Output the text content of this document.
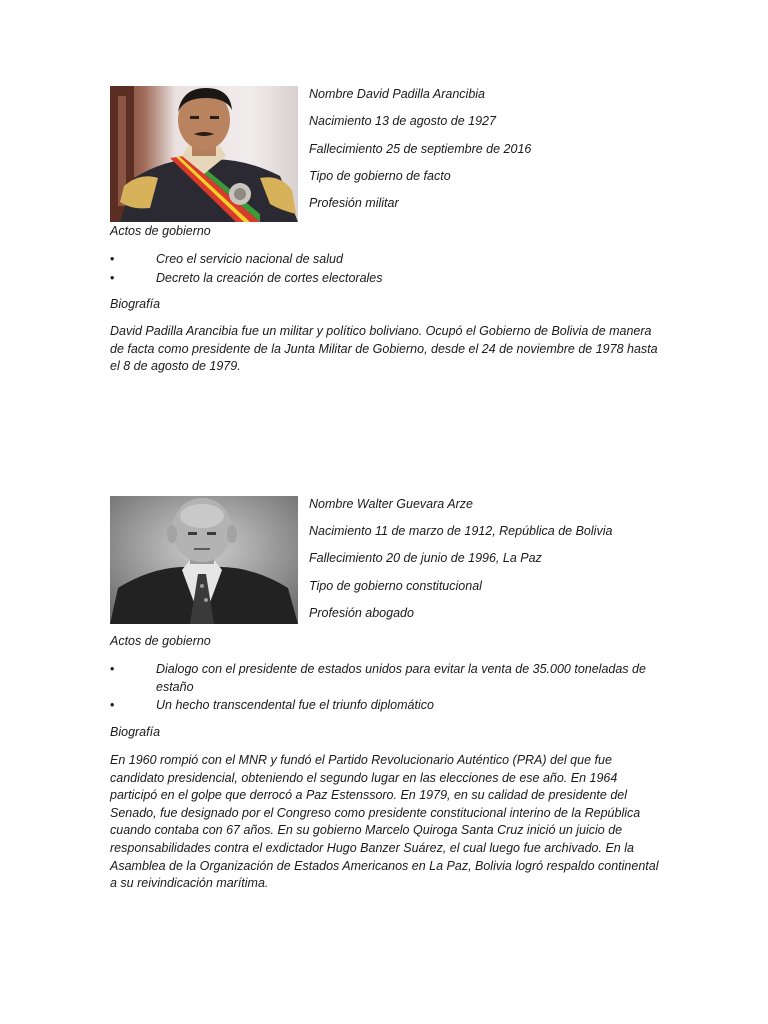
Nombre David Padilla Arancibia
Nacimiento 13 de agosto de 1927
Fallecimiento 25 de septiembre de 2016
Tipo de gobierno de facto
Profesión militar
Actos de gobierno
•	Creo el servicio nacional de salud
•	Decreto la creación de cortes electorales
Biografía
David Padilla Arancibia fue un militar y político boliviano. Ocupó el Gobierno de Bolivia de manera de facta como presidente de la Junta Militar de Gobierno, desde el 24 de noviembre de 1978 hasta el 8 de agosto de 1979.
Nombre Walter Guevara Arze
Nacimiento 11 de marzo de 1912, República de Bolivia
Fallecimiento 20 de junio de 1996, La Paz
Tipo de gobierno constitucional
Profesión abogado
Actos de gobierno
•	Dialogo con el presidente de estados unidos para evitar la venta de 35.000 toneladas de estaño
•	Un hecho transcendental fue el triunfo diplomático
Biografía
En 1960 rompió con el MNR y fundó el Partido Revolucionario Auténtico (PRA) del que fue candidato presidencial, obteniendo el segundo lugar en las elecciones de ese año. En 1964 participó en el golpe que derrocó a Paz Estenssoro. En 1979, en su calidad de presidente del Senado, fue designado por el Congreso como presidente constitucional interino de la República cuando contaba con 67 años. En su gobierno Marcelo Quiroga Santa Cruz inició un juicio de responsabilidades contra el exdictador Hugo Banzer Suárez, el cual luego fue archivado. En la Asamblea de la Organización de Estados Americanos en La Paz, Bolivia logró respaldo continental a su reivindicación marítima.
